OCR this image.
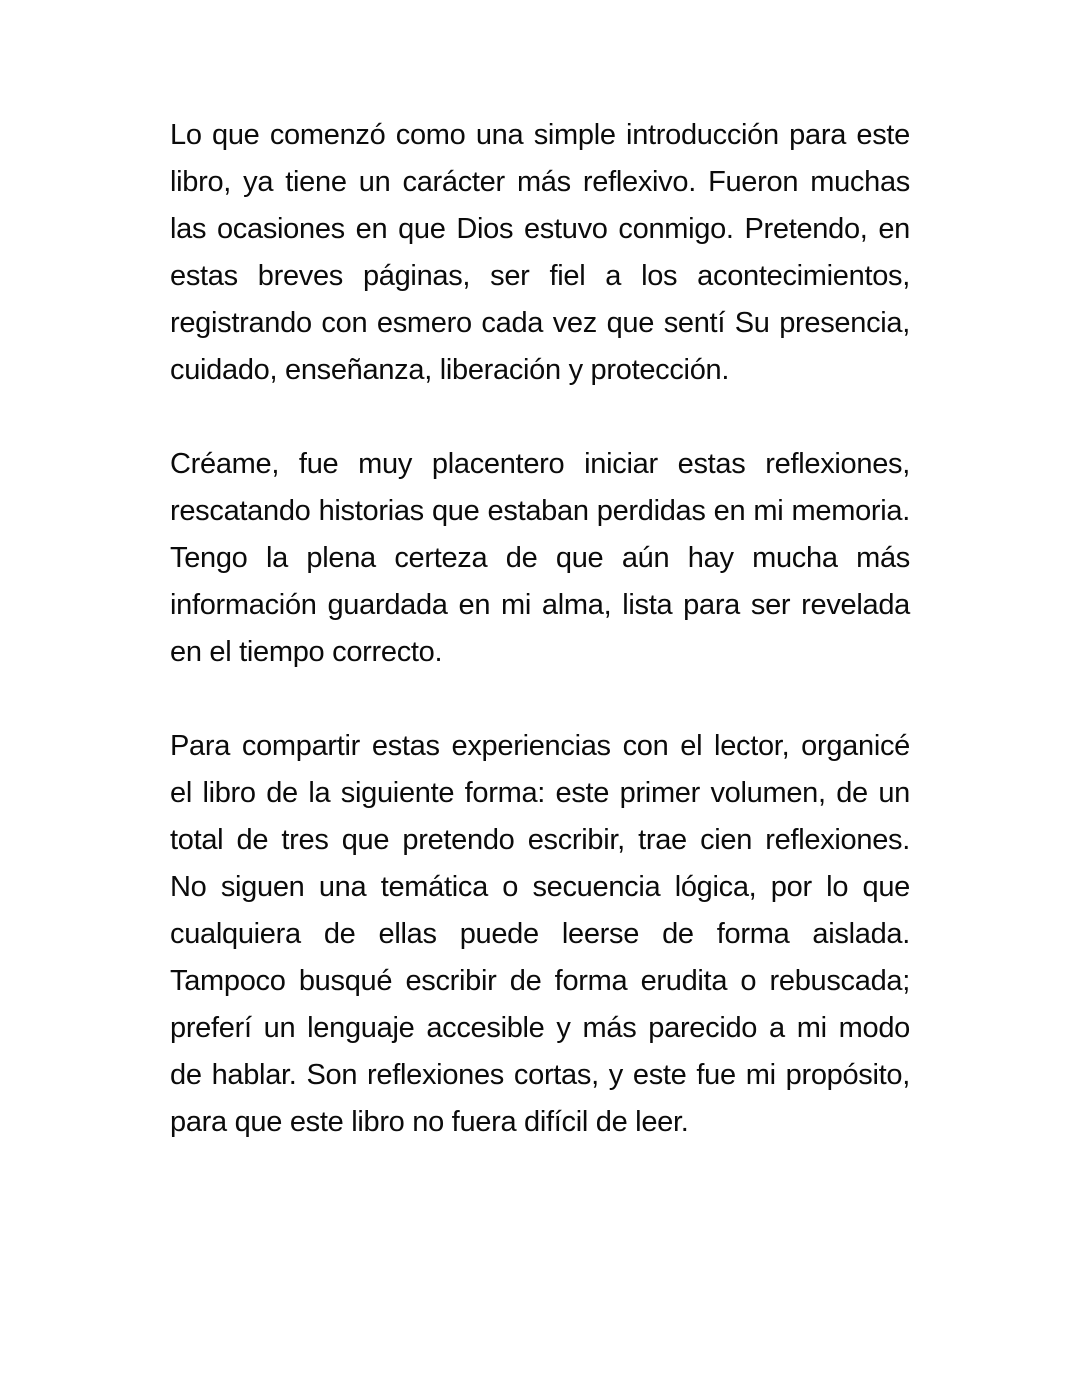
Lo que comenzó como una simple introducción para este libro, ya tiene un carácter más reflexivo. Fueron muchas las ocasiones en que Dios estuvo conmigo. Pretendo, en estas breves páginas, ser fiel a los acontecimientos, registrando con esmero cada vez que sentí Su presencia, cuidado, enseñanza, liberación y protección.

Créame, fue muy placentero iniciar estas reflexiones, rescatando historias que estaban perdidas en mi memoria. Tengo la plena certeza de que aún hay mucha más información guardada en mi alma, lista para ser revelada en el tiempo correcto.

Para compartir estas experiencias con el lector, organicé el libro de la siguiente forma: este primer volumen, de un total de tres que pretendo escribir, trae cien reflexiones. No siguen una temática o secuencia lógica, por lo que cualquiera de ellas puede leerse de forma aislada. Tampoco busqué escribir de forma erudita o rebuscada; preferí un lenguaje accesible y más parecido a mi modo de hablar. Son reflexiones cortas, y este fue mi propósito, para que este libro no fuera difícil de leer.
